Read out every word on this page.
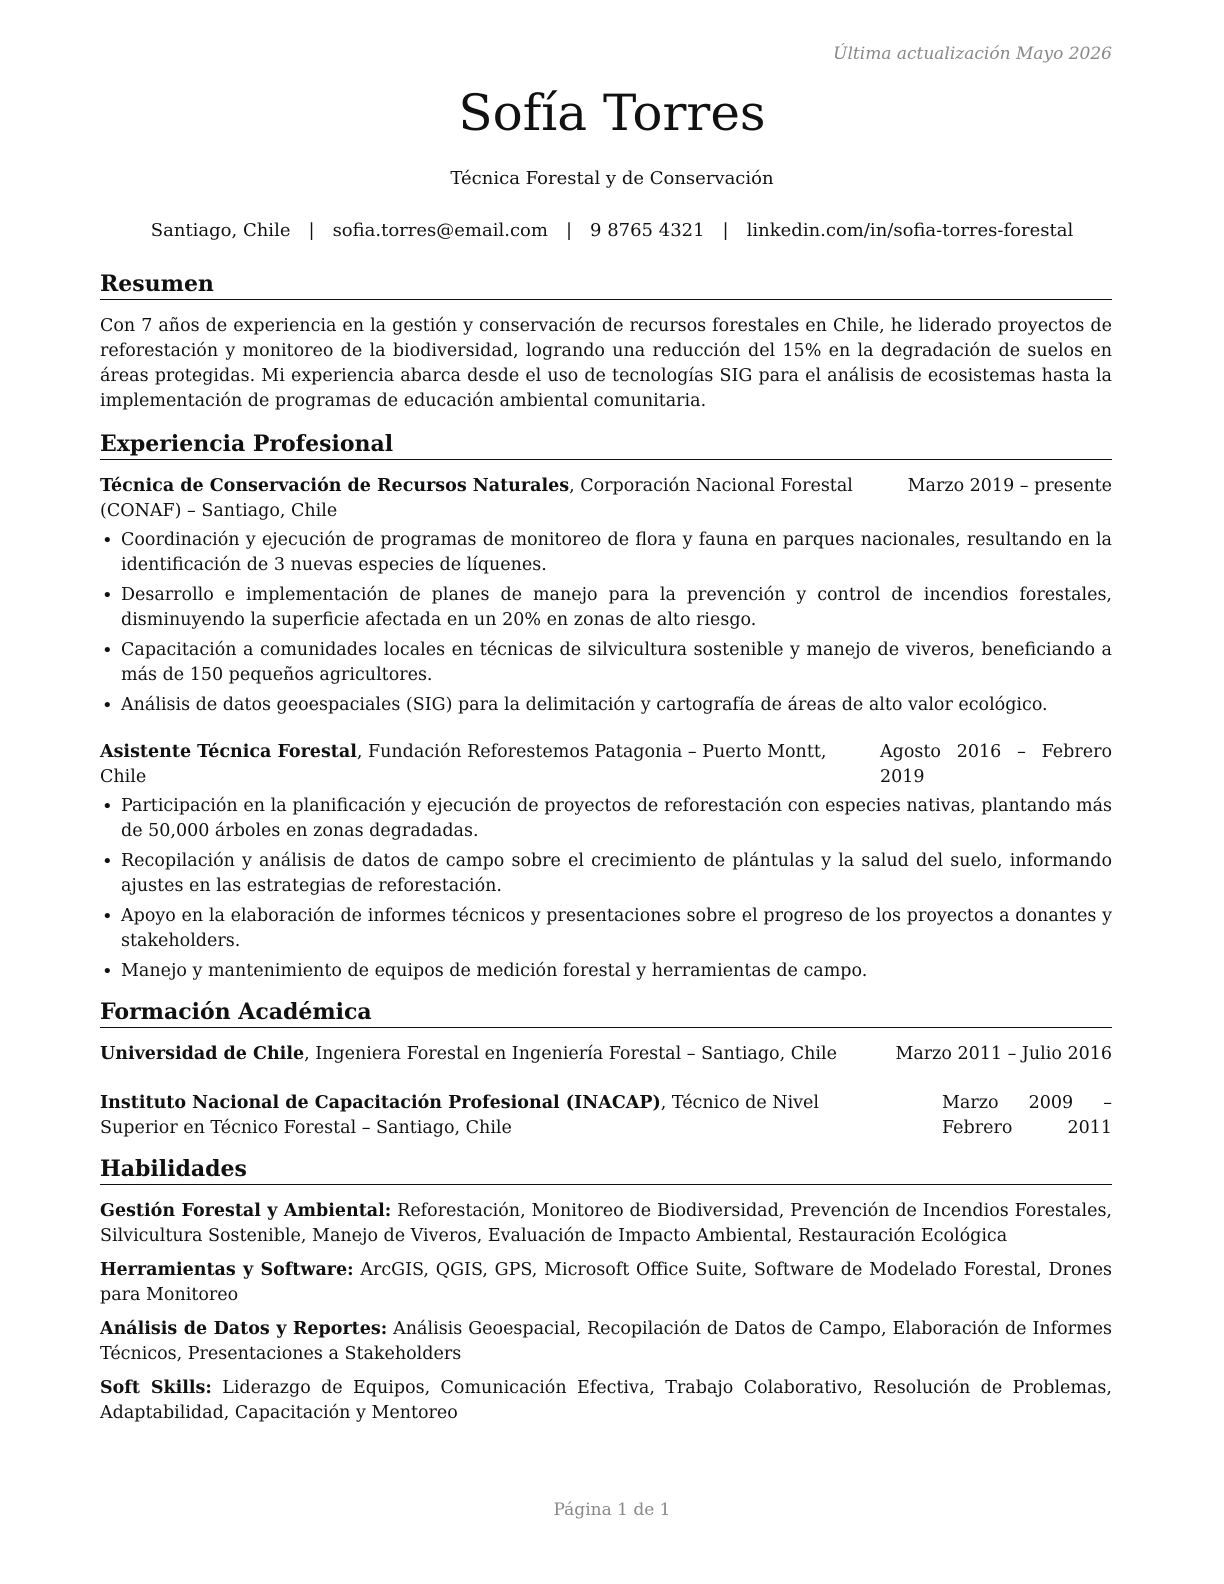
Última actualización Mayo 2026
Sofía Torres
Técnica Forestal y de Conservación
Santiago, Chile | sofia.torres@email.com | 9 8765 4321 | linkedin.com/in/sofia-torres-forestal
Resumen

Con 7 años de experiencia en la gestión y conservación de recursos forestales en Chile, he liderado proyectos de reforestación y monitoreo de la biodiversidad, logrando una reducción del 15% en la degradación de suelos en áreas protegidas. Mi experiencia abarca desde el uso de tecnologías SIG para el análisis de ecosistemas hasta la implementación de programas de educación ambiental comunitaria.

Experiencia Profesional
Técnica de Conservación de Recursos Naturales, Corporación Nacional Forestal (CONAF) – Santiago, Chile
Marzo 2019 – presente
• Coordinación y ejecución de programas de monitoreo de flora y fauna en parques nacionales, resultando en la identificación de 3 nuevas especies de líquenes.
• Desarrollo e implementación de planes de manejo para la prevención y control de incendios forestales, disminuyendo la superficie afectada en un 20% en zonas de alto riesgo.
• Capacitación a comunidades locales en técnicas de silvicultura sostenible y manejo de viveros, beneficiando a más de 150 pequeños agricultores.
• Análisis de datos geoespaciales (SIG) para la delimitación y cartografía de áreas de alto valor ecológico.
Asistente Técnica Forestal, Fundación Reforestemos Patagonia – Puerto Montt, Chile
Agosto 2016 – Febrero 2019
• Participación en la planificación y ejecución de proyectos de reforestación con especies nativas, plantando más de 50,000 árboles en zonas degradadas.
• Recopilación y análisis de datos de campo sobre el crecimiento de plántulas y la salud del suelo, informando ajustes en las estrategias de reforestación.
• Apoyo en la elaboración de informes técnicos y presentaciones sobre el progreso de los proyectos a donantes y stakeholders.
• Manejo y mantenimiento de equipos de medición forestal y herramientas de campo.
Formación Académica
Universidad de Chile, Ingeniera Forestal en Ingeniería Forestal – Santiago, Chile	Marzo 2011 – Julio 2016
Instituto Nacional de Capacitación Profesional (INACAP), Técnico de Nivel Superior en Técnico Forestal – Santiago, Chile
Marzo 2009 – Febrero 2011
Habilidades
Gestión Forestal y Ambiental: Reforestación, Monitoreo de Biodiversidad, Prevención de Incendios Forestales, Silvicultura Sostenible, Manejo de Viveros, Evaluación de Impacto Ambiental, Restauración Ecológica
Herramientas y Software: ArcGIS, QGIS, GPS, Microsoft Office Suite, Software de Modelado Forestal, Drones para Monitoreo
Análisis de Datos y Reportes: Análisis Geoespacial, Recopilación de Datos de Campo, Elaboración de Informes Técnicos, Presentaciones a Stakeholders
Soft Skills: Liderazgo de Equipos, Comunicación Efectiva, Trabajo Colaborativo, Resolución de Problemas, Adaptabilidad, Capacitación y Mentoreo
Página 1 de 1
